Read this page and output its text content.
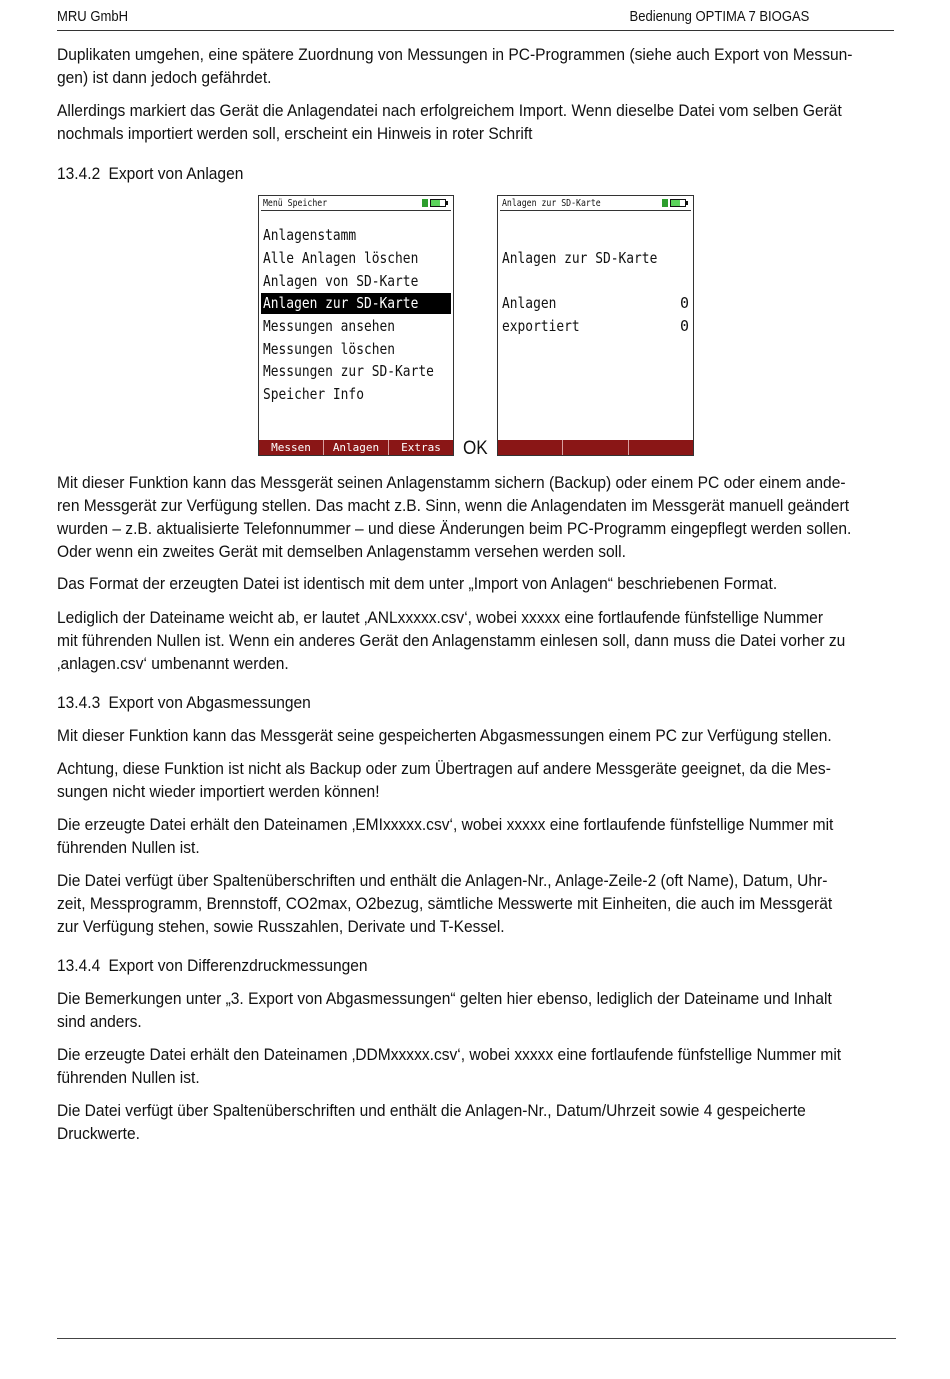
MRU GmbH	Bedienung OPTIMA 7 BIOGAS
Duplikaten umgehen, eine spätere Zuordnung von Messungen in PC-Programmen (siehe auch Export von Messun-
gen) ist dann jedoch gefährdet.
Allerdings markiert das Gerät die Anlagendatei nach erfolgreichem Import. Wenn dieselbe Datei vom selben Gerät
nochmals importiert werden soll, erscheint ein Hinweis in roter Schrift
13.4.2 Export von Anlagen
Menü Speicher
Anlagenstamm
Alle Anlagen löschen
Anlagen von SD-Karte
Anlagen zur SD-Karte
Messungen ansehen
Messungen löschen
Messungen zur SD-Karte
Speicher Info
Messen	Anlagen	Extras	OK
Anlagen zur SD-Karte
Anlagen zur SD-Karte
Anlagen	0
exportiert	0
Mit dieser Funktion kann das Messgerät seinen Anlagenstamm sichern (Backup) oder einem PC oder einem ande-
ren Messgerät zur Verfügung stellen. Das macht z.B. Sinn, wenn die Anlagendaten im Messgerät manuell geändert
wurden – z.B. aktualisierte Telefonnummer – und diese Änderungen beim PC-Programm eingepflegt werden sollen.
Oder wenn ein zweites Gerät mit demselben Anlagenstamm versehen werden soll.
Das Format der erzeugten Datei ist identisch mit dem unter „Import von Anlagen“ beschriebenen Format.
Lediglich der Dateiname weicht ab, er lautet ‚ANLxxxxx.csv‘, wobei xxxxx eine fortlaufende fünfstellige Nummer
mit führenden Nullen ist. Wenn ein anderes Gerät den Anlagenstamm einlesen soll, dann muss die Datei vorher zu
‚anlagen.csv‘ umbenannt werden.
13.4.3 Export von Abgasmessungen
Mit dieser Funktion kann das Messgerät seine gespeicherten Abgasmessungen einem PC zur Verfügung stellen.
Achtung, diese Funktion ist nicht als Backup oder zum Übertragen auf andere Messgeräte geeignet, da die Mes-
sungen nicht wieder importiert werden können!
Die erzeugte Datei erhält den Dateinamen ‚EMIxxxxx.csv‘, wobei xxxxx eine fortlaufende fünfstellige Nummer mit
führenden Nullen ist.
Die Datei verfügt über Spaltenüberschriften und enthält die Anlagen-Nr., Anlage-Zeile-2 (oft Name), Datum, Uhr-
zeit, Messprogramm, Brennstoff, CO2max, O2bezug, sämtliche Messwerte mit Einheiten, die auch im Messgerät
zur Verfügung stehen, sowie Russzahlen, Derivate und T-Kessel.
13.4.4 Export von Differenzdruckmessungen
Die Bemerkungen unter „3. Export von Abgasmessungen“ gelten hier ebenso, lediglich der Dateiname und Inhalt
sind anders.
Die erzeugte Datei erhält den Dateinamen ‚DDMxxxxx.csv‘, wobei xxxxx eine fortlaufende fünfstellige Nummer mit
führenden Nullen ist.
Die Datei verfügt über Spaltenüberschriften und enthält die Anlagen-Nr., Datum/Uhrzeit sowie 4 gespeicherte
Druckwerte.
